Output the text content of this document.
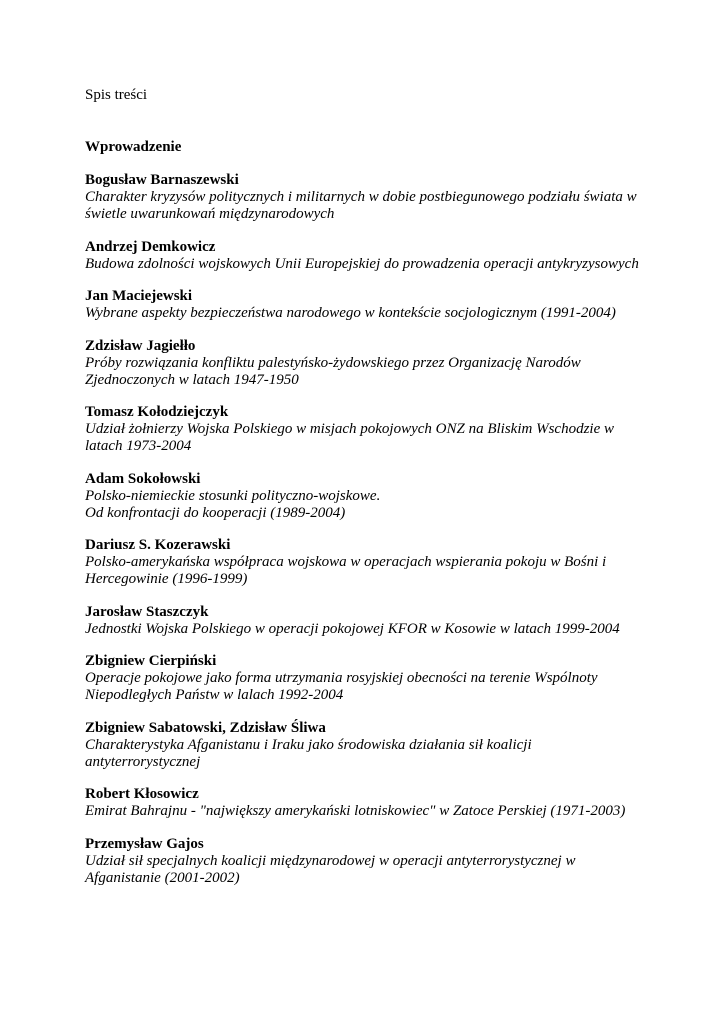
Spis treści
Wprowadzenie
Bogusław Barnaszewski
Charakter kryzysów politycznych i militarnych w dobie postbiegunowego podziału świata w
świetle uwarunkowań międzynarodowych
Andrzej Demkowicz
Budowa zdolności wojskowych Unii Europejskiej do prowadzenia operacji antykryzysowych
Jan Maciejewski
Wybrane aspekty bezpieczeństwa narodowego w kontekście socjologicznym (1991-2004)
Zdzisław Jagiełło
Próby rozwiązania konfliktu palestyńsko-żydowskiego przez Organizację Narodów
Zjednoczonych w latach 1947-1950
Tomasz Kołodziejczyk
Udział żołnierzy Wojska Polskiego w misjach pokojowych ONZ na Bliskim Wschodzie w
latach 1973-2004
Adam Sokołowski
Polsko-niemieckie stosunki polityczno-wojskowe.
Od konfrontacji do kooperacji (1989-2004)
Dariusz S. Kozerawski
Polsko-amerykańska współpraca wojskowa w operacjach wspierania pokoju w Bośni i
Hercegowinie (1996-1999)
Jarosław Staszczyk
Jednostki Wojska Polskiego w operacji pokojowej KFOR w Kosowie w latach 1999-2004
Zbigniew Cierpiński
Operacje pokojowe jako forma utrzymania rosyjskiej obecności na terenie Wspólnoty
Niepodległych Państw w lalach 1992-2004
Zbigniew Sabatowski, Zdzisław Śliwa
Charakterystyka Afganistanu i Iraku jako środowiska działania sił koalicji
antyterrorystycznej
Robert Kłosowicz
Emirat Bahrajnu - "największy amerykański lotniskowiec" w Zatoce Perskiej (1971-2003)
Przemysław Gajos
Udział sił specjalnych koalicji międzynarodowej w operacji antyterrorystycznej w
Afganistanie (2001-2002)
